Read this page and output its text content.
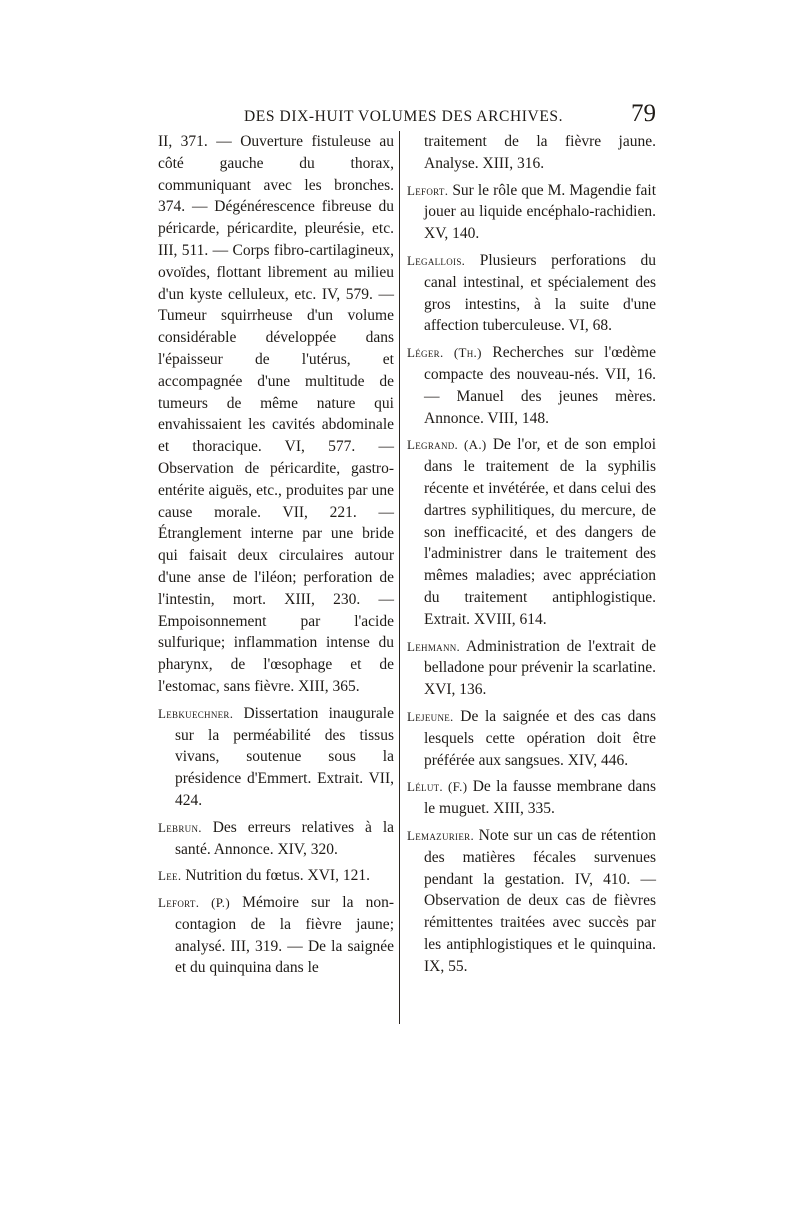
DES DIX-HUIT VOLUMES DES ARCHIVES.	79

II, 371. — Ouverture fistuleuse au côté gauche du thorax, communiquant avec les bronches. 374. — Dégénérescence fibreuse du péricarde, péricardite, pleurésie, etc. III, 511. — Corps fibro-cartilagineux, ovoïdes, flottant librement au milieu d'un kyste celluleux, etc. IV, 579. — Tumeur squirrheuse d'un volume considérable développée dans l'épaisseur de l'utérus, et accompagnée d'une multitude de tumeurs de même nature qui envahissaient les cavités abdominale et thoracique. VI, 577. — Observation de péricardite, gastro-entérite aiguës, etc., produites par une cause morale. VII, 221. — Étranglement interne par une bride qui faisait deux circulaires autour d'une anse de l'iléon; perforation de l'intestin, mort. XIII, 230. — Empoisonnement par l'acide sulfurique; inflammation intense du pharynx, de l'œsophage et de l'estomac, sans fièvre. XIII, 365.

Lebkuechner. Dissertation inaugurale sur la perméabilité des tissus vivans, soutenue sous la présidence d'Emmert. Extrait. VII, 424.

Lebrun. Des erreurs relatives à la santé. Annonce. XIV, 320.

Lee. Nutrition du fœtus. XVI, 121.

Lefort. (P.) Mémoire sur la non-contagion de la fièvre jaune; analysé. III, 319. — De la saignée et du quinquina dans le

traitement de la fièvre jaune. Analyse. XIII, 316.

Lefort. Sur le rôle que M. Magendie fait jouer au liquide encéphalo-rachidien. XV, 140.

Legallois. Plusieurs perforations du canal intestinal, et spécialement des gros intestins, à la suite d'une affection tuberculeuse. VI, 68.

Léger. (Th.) Recherches sur l'œdème compacte des nouveau-nés. VII, 16. — Manuel des jeunes mères. Annonce. VIII, 148.

Legrand. (A.) De l'or, et de son emploi dans le traitement de la syphilis récente et invétérée, et dans celui des dartres syphilitiques, du mercure, de son inefficacité, et des dangers de l'administrer dans le traitement des mêmes maladies; avec appréciation du traitement antiphlogistique. Extrait. XVIII, 614.

Lehmann. Administration de l'extrait de belladone pour prévenir la scarlatine. XVI, 136.

Lejeune. De la saignée et des cas dans lesquels cette opération doit être préférée aux sangsues. XIV, 446.

Lélut. (F.) De la fausse membrane dans le muguet. XIII, 335.

Lemazurier. Note sur un cas de rétention des matières fécales survenues pendant la gestation. IV, 410. — Observation de deux cas de fièvres rémittentes traitées avec succès par les antiphlogistiques et le quinquina. IX, 55.
